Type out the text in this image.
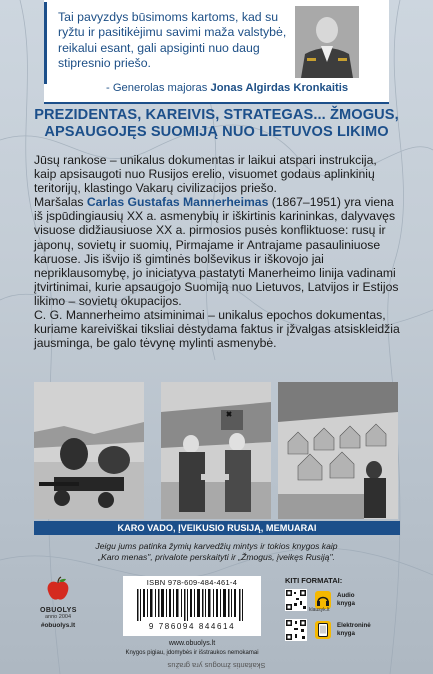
Tai pavyzdys būsimoms kartoms, kad su ryžtu ir pasitikėjimu savimi maža valstybė, reikalui esant, gali apsiginti nuo daug stipresnio priešo.
- Generolas majoras Jonas Algirdas Kronkaitis
PREZIDENTAS, KAREIVIS, STRATEGAS... ŽMOGUS,
APSAUGOJĘS SUOMIJĄ NUO LIETUVOS LIKIMO

Jūsų rankose – unikalus dokumentas ir laikui atspari instrukcija, kaip apsisaugoti nuo Rusijos erelio, visuomet godaus aplinkinių teritorijų, klastingo Vakarų civilizacijos priešo.

Maršalas Carlas Gustafas Mannerheimas (1867–1951) yra viena iš įspūdingiausių XX a. asmenybių ir iškirtinis karininkas, dalyvavęs visuose didžiausiuose XX a. pirmosios pusės konfliktuose: rusų ir japonų, sovietų ir suomių, Pirmajame ir Antrajame pasauliniuose karuose. Jis išvijo iš gimtinės bolševikus ir iškovojo jai nepriklausomybę, jo iniciatyva pastatyti Manerheimo linija vadinami įtvirtinimai, kurie apsaugojo Suomiją nuo Lietuvos, Latvijos ir Estijos likimo – sovietų okupacijos.

C. G. Mannerheimo atsiminimai – unikalus epochos dokumentas, kuriame kareiviškai tiksliai dėstydama faktus ir įžvalgas atsiskleidžia jausminga, be galo tėvynę mylinti asmenybė.

KARO VADO, ĮVEIKUSIO RUSIJĄ, MEMUARAI
Jeigu jums patinka žymių karvedžių mintys ir tokios knygos kaip
„Karo menas", privalote perskaityti ir „Žmogus, įveikęs Rusiją".
OBUOLYS
anno 2004
#obuolys.lt
ISBN 978-609-484-461-4
9 786094 844614
www.obuolys.lt
Knygos pigiau, įdomybės ir išstraukos nemokamai
KITI FORMATAI:
Audio
knyga
klausyk.lt
Elektroninė
knyga
Skaitantis žmogus yra gražus
